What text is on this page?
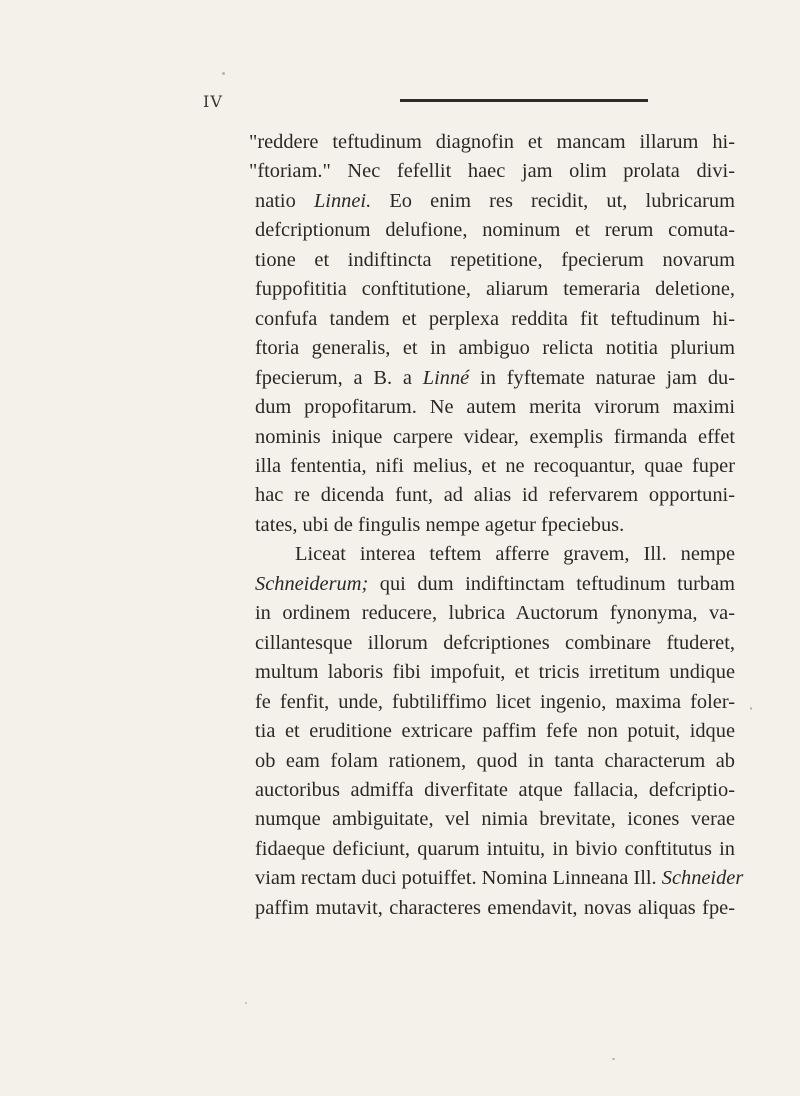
IV
"reddere teftudinum diagnofin et mancam illarum hi-
"ftoriam." Nec fefellit haec jam olim prolata divi-
natio Linnei. Eo enim res recidit, ut, lubricarum
defcriptionum delufione, nominum et rerum comuta-
tione et indiftincta repetitione, fpecierum novarum
fuppofititia conftitutione, aliarum temeraria deletione,
confufa tandem et perplexa reddita fit teftudinum hi-
ftoria generalis, et in ambiguo relicta notitia plurium
fpecierum, a B. a Linné in fyftemate naturae jam du-
dum propofitarum. Ne autem merita virorum maximi
nominis inique carpere videar, exemplis firmanda effet
illa fententia, nifi melius, et ne recoquantur, quae fuper
hac re dicenda funt, ad alias id refervarem opportuni-
tates, ubi de fingulis nempe agetur fpeciebus.
Liceat interea teftem afferre gravem, Ill. nempe
Schneiderum; qui dum indiftinctam teftudinum turbam
in ordinem reducere, lubrica Auctorum fynonyma, va-
cillantesque illorum defcriptiones combinare ftuderet,
multum laboris fibi impofuit, et tricis irretitum undique
fe fenfit, unde, fubtiliffimo licet ingenio, maxima foler-
tia et eruditione extricare paffim fefe non potuit, idque
ob eam folam rationem, quod in tanta characterum ab
auctoribus admiffa diverfitate atque fallacia, defcriptio-
numque ambiguitate, vel nimia brevitate, icones verae
fidaeque deficiunt, quarum intuitu, in bivio conftitutus in
viam rectam duci potuiffet. Nomina Linneana Ill. Schneider
paffim mutavit, characteres emendavit, novas aliquas fpe-
